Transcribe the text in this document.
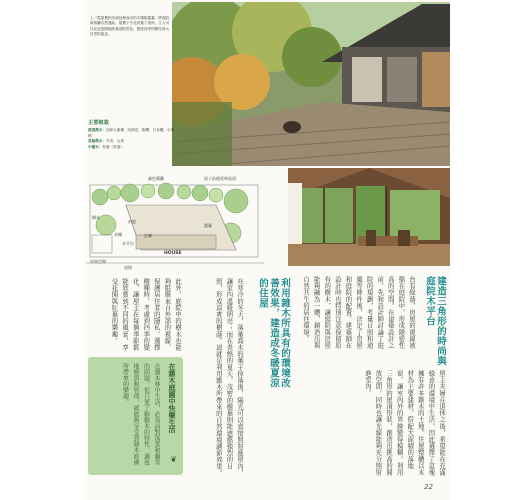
上／從屋簷的步道延伸而出的木棧板露臺，將庭院與客廳自然連結，屋簷下方也設置了座椅，主人可以在此悠閒地欣賞庭院景色，感受四季的變化與大自然的氣息。
主要植栽
落葉喬木：加拿大唐棣、四照花、枹櫟、日本楓、小葉梣
常綠喬木：冬青、山茶
中灌木：杜鵑（雲南）
綠色圍籬	屋子前後延伸屋頂
前庭
露臺
樹木
HOUSE
玄關
木平台
木柵
停車空間
道路
建造三角形的時尚與庭院木平台
台有綠蔭，房屋的視線被擋在庭院中，形成隱密性高的空間。在建築設計之前，先和設計師討論了庭院的規劃，考量日照和通風等條件後，決定了房屋和庭院的配置。建築師在設計時也特別注意保留原有的樹木，讓庭院與房屋能夠融為一體，創造出與自然共生的居住環境。
屋主夫婦在退休之後，希望能在充滿綠意的環境中生活，因此選擇了這塊擁有許多雜木的土地。住屋整體以木材為主要建材，搭配大面積的落地窗，讓室內外的界線變得模糊。利用三角形的屋頂形狀，創造出挑高的開放空間，同時也讓光線能夠充分照射進室內。
利用雜木所具有的環境改善效果，建造成冬暖夏涼的住屋
在寒冷的冬天，落葉喬木的葉子掉落後，陽光可以直接照射進屋內，讓室內溫暖明亮；而在炎熱的夏天，茂密的樹葉則能遮擋強烈的日照，形成涼爽的樹蔭。這就是利用雜木所帶來的自然環境調節效果。
此外，庭院中的樹木也能夠阻擋來自外部的視線，保護居住者的隱私。選擇樹種時，考慮到四季的變化，讓屋主在每個季節都能欣賞到不同的風景，享受花開與紅葉的樂趣。
在雜木庭園中快樂生活
在雜木林中生活，必須面對落葉和蟲害的問題。但只要了解樹木的特性，適度地修剪和管理，就能夠享受到雜木庭園所帶來的樂趣。
❦
22
